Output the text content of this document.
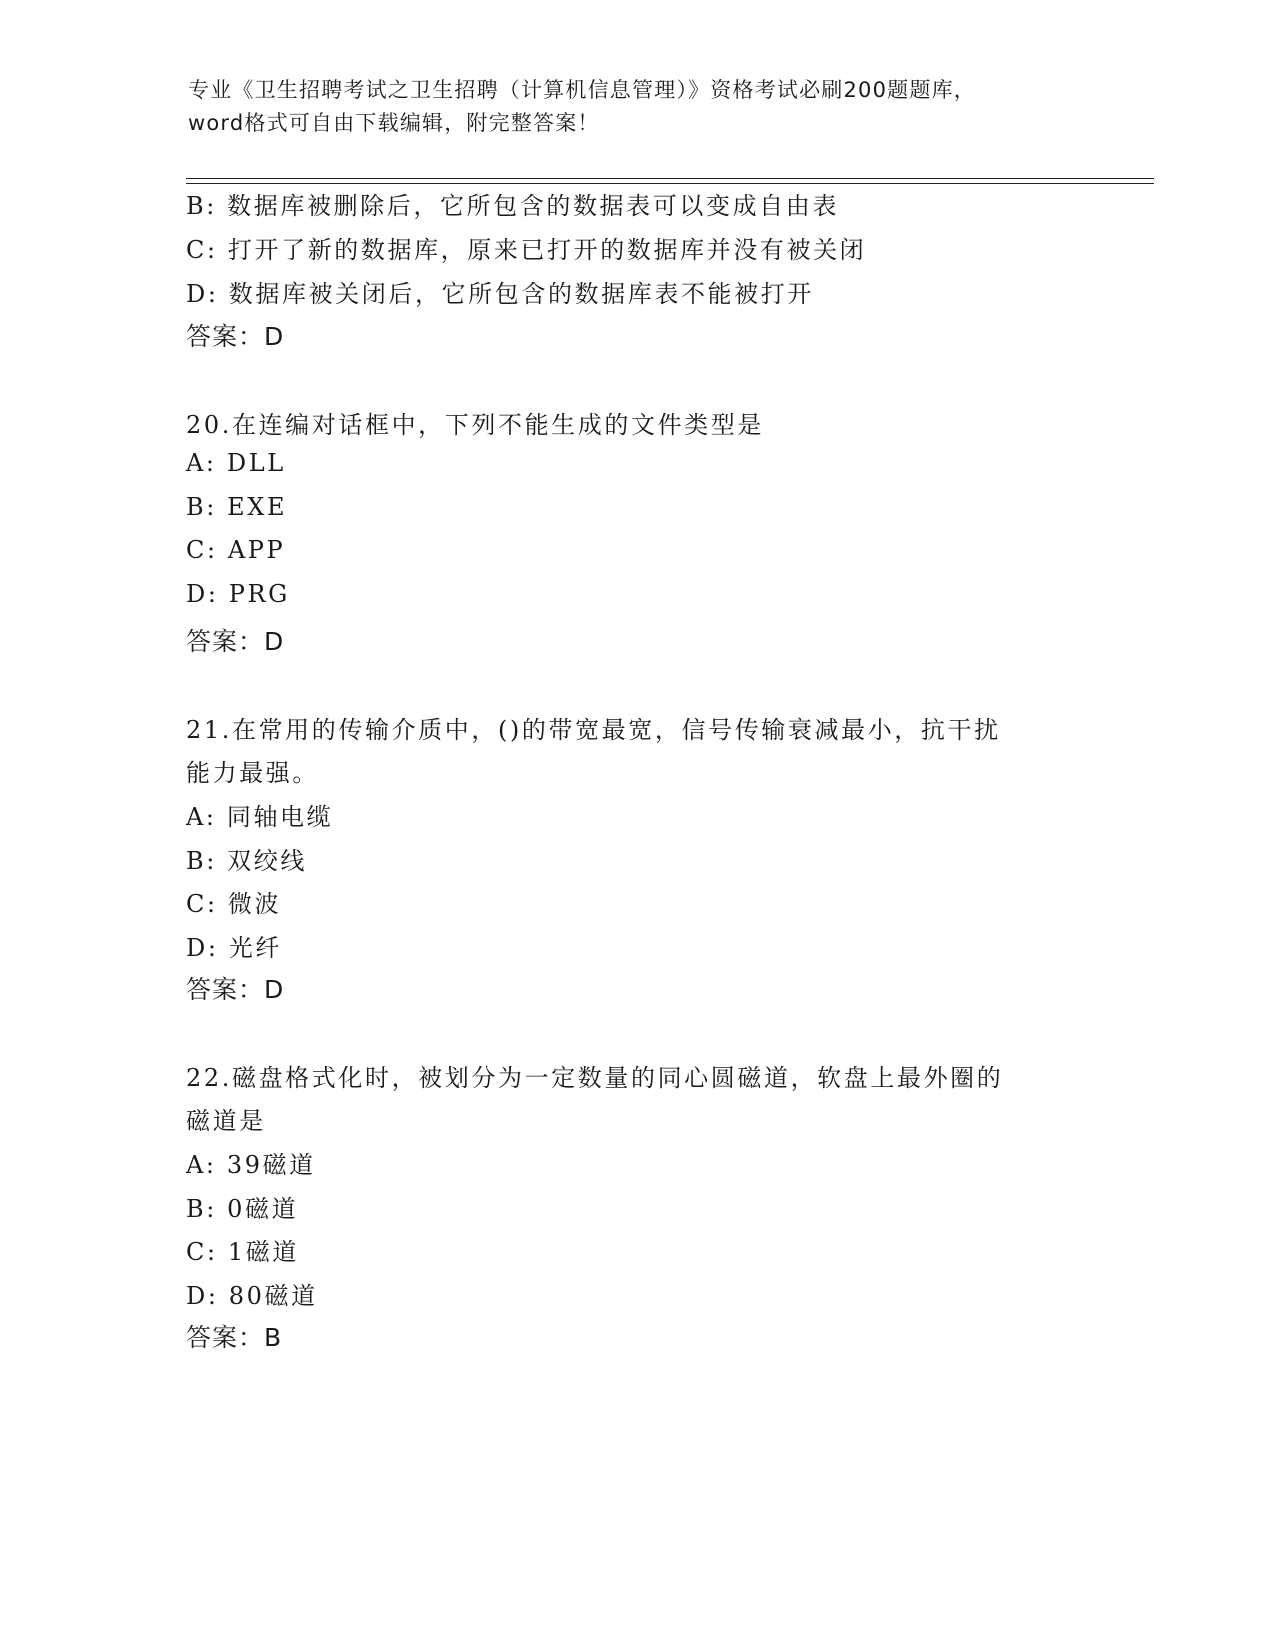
专业《卫生招聘考试之卫生招聘（计算机信息管理）》资格考试必刷200题题库，
word格式可自由下载编辑，附完整答案！
B: 数据库被删除后，它所包含的数据表可以变成自由表
C: 打开了新的数据库，原来已打开的数据库并没有被关闭
D: 数据库被关闭后，它所包含的数据库表不能被打开
答案：D
20.在连编对话框中，下列不能生成的文件类型是
A: DLL
B: EXE
C: APP
D: PRG
答案：D
21.在常用的传输介质中，()的带宽最宽，信号传输衰减最小，抗干扰
能力最强。
A: 同轴电缆
B: 双绞线
C: 微波
D: 光纤
答案：D
22.磁盘格式化时，被划分为一定数量的同心圆磁道，软盘上最外圈的
磁道是
A: 39磁道
B: 0磁道
C: 1磁道
D: 80磁道
答案：B
